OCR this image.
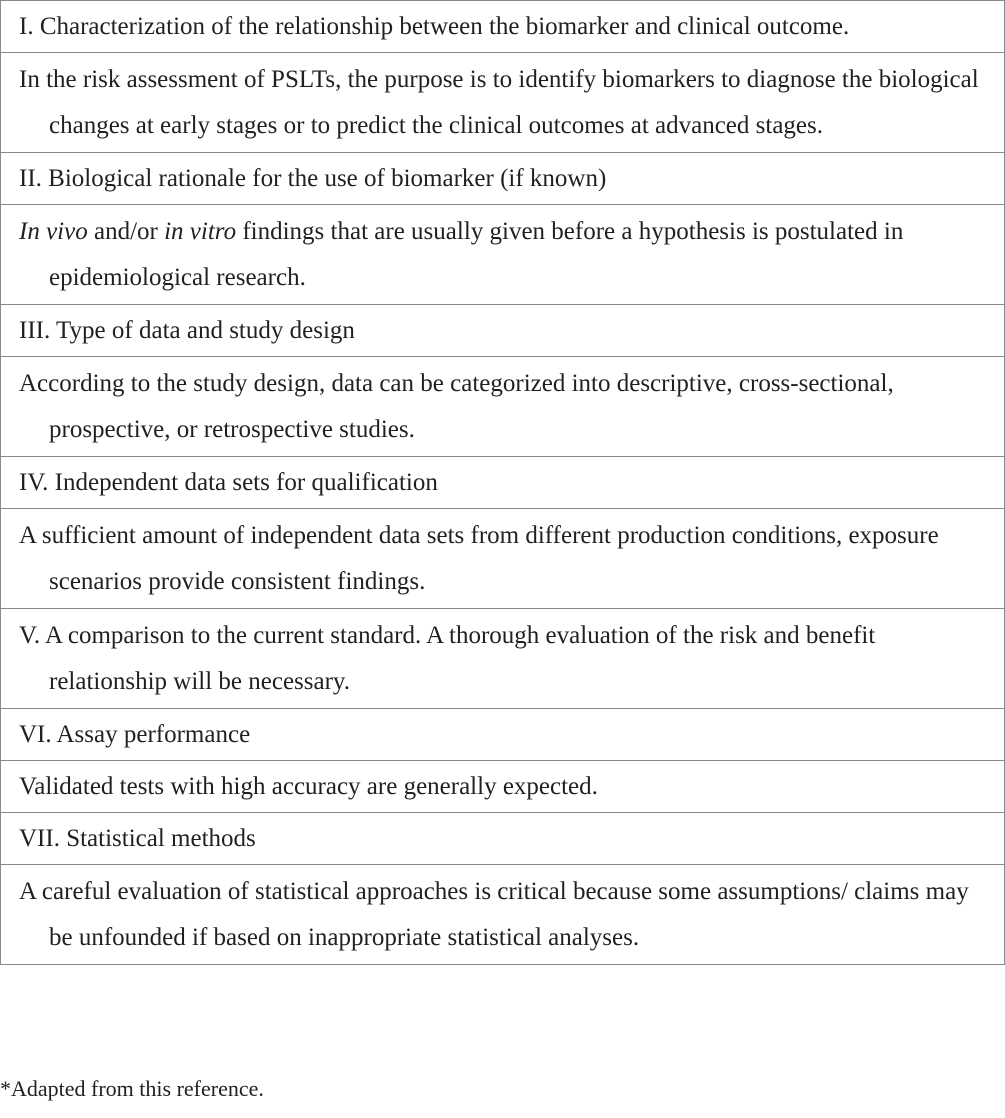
I. Characterization of the relationship between the biomarker and clinical outcome.
In the risk assessment of PSLTs, the purpose is to identify biomarkers to diagnose the biological changes at early stages or to predict the clinical outcomes at advanced stages.
II. Biological rationale for the use of biomarker (if known)
In vivo and/or in vitro findings that are usually given before a hypothesis is postulated in epidemiological research.
III. Type of data and study design
According to the study design, data can be categorized into descriptive, cross-sectional, prospective, or retrospective studies.
IV. Independent data sets for qualification
A sufficient amount of independent data sets from different production conditions, exposure scenarios provide consistent findings.
V. A comparison to the current standard. A thorough evaluation of the risk and benefit relationship will be necessary.
VI. Assay performance
Validated tests with high accuracy are generally expected.
VII. Statistical methods
A careful evaluation of statistical approaches is critical because some assumptions/ claims may be unfounded if based on inappropriate statistical analyses.
*Adapted from this reference.
